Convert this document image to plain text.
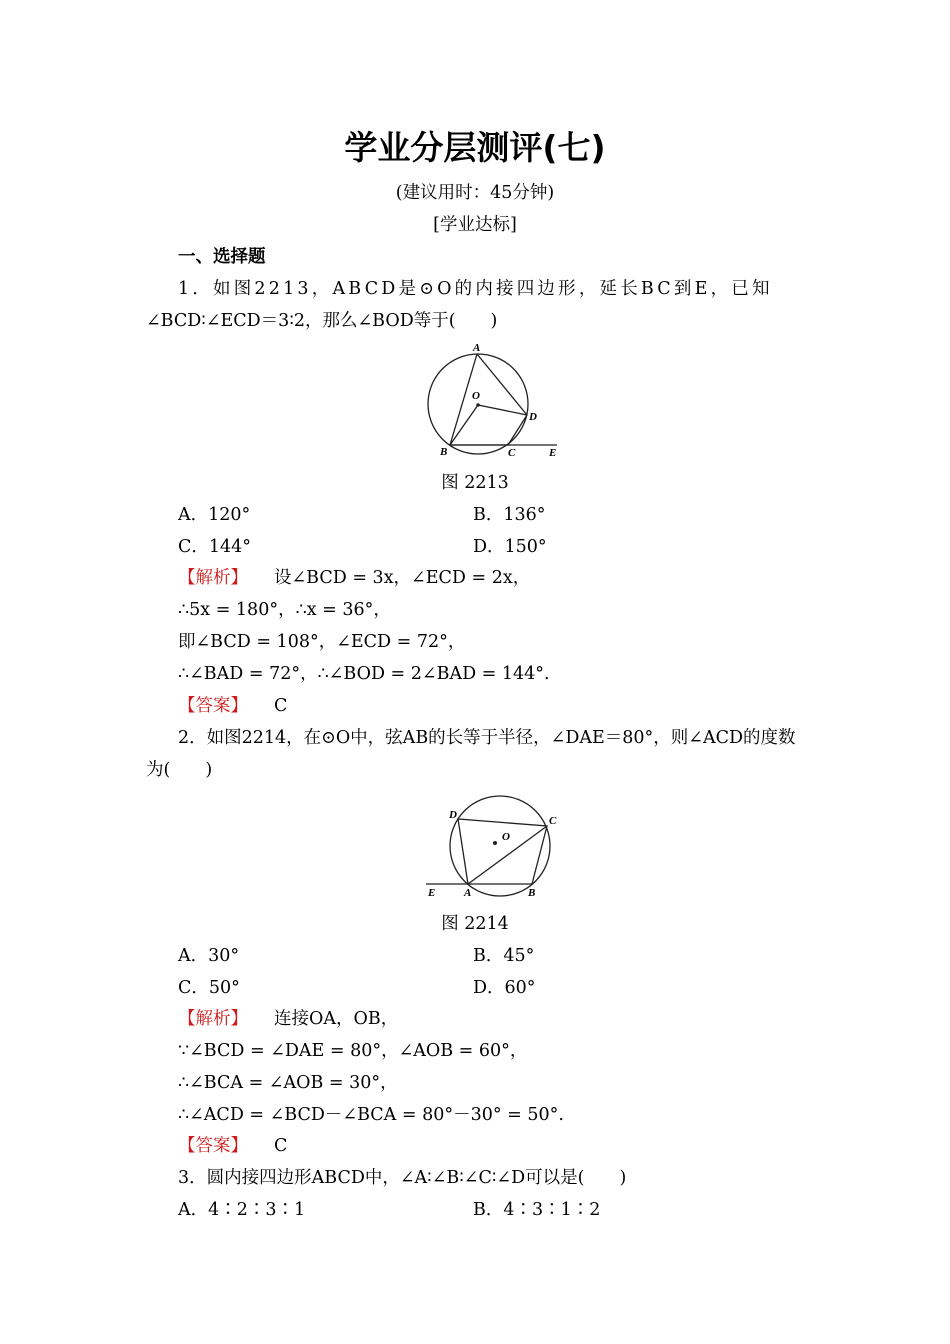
学业分层测评(七)
(建议用时：45分钟)
[学业达标]
一、选择题
1．如图2213，ABCD是⊙O的内接四边形，延长BC到E，已知
∠BCD∶∠ECD＝3∶2，那么∠BOD等于(　　)
A
O
D
B	C	E
图 2213
A．120°	B．136°
C．144°	D．150°
【解析】 设∠BCD = 3x，∠ECD = 2x，
∴5x = 180°，∴x = 36°，
即∠BCD = 108°，∠ECD = 72°，
∴∠BAD = 72°，∴∠BOD = 2∠BAD = 144°.
【答案】 C
2．如图2214，在⊙O中，弦AB的长等于半径，∠DAE＝80°，则∠ACD的度数
为(　　)
D	C
O
E	A	B
图 2214
A．30°	B．45°
C．50°	D．60°
【解析】 连接OA，OB，
∵∠BCD = ∠DAE = 80°，∠AOB = 60°，
∴∠BCA = ∠AOB = 30°，
∴∠ACD = ∠BCD－∠BCA = 80°－30° = 50°.
【答案】 C
3．圆内接四边形ABCD中，∠A∶∠B∶∠C∶∠D可以是(　　)
A．4∶2∶3∶1	B．4∶3∶1∶2
